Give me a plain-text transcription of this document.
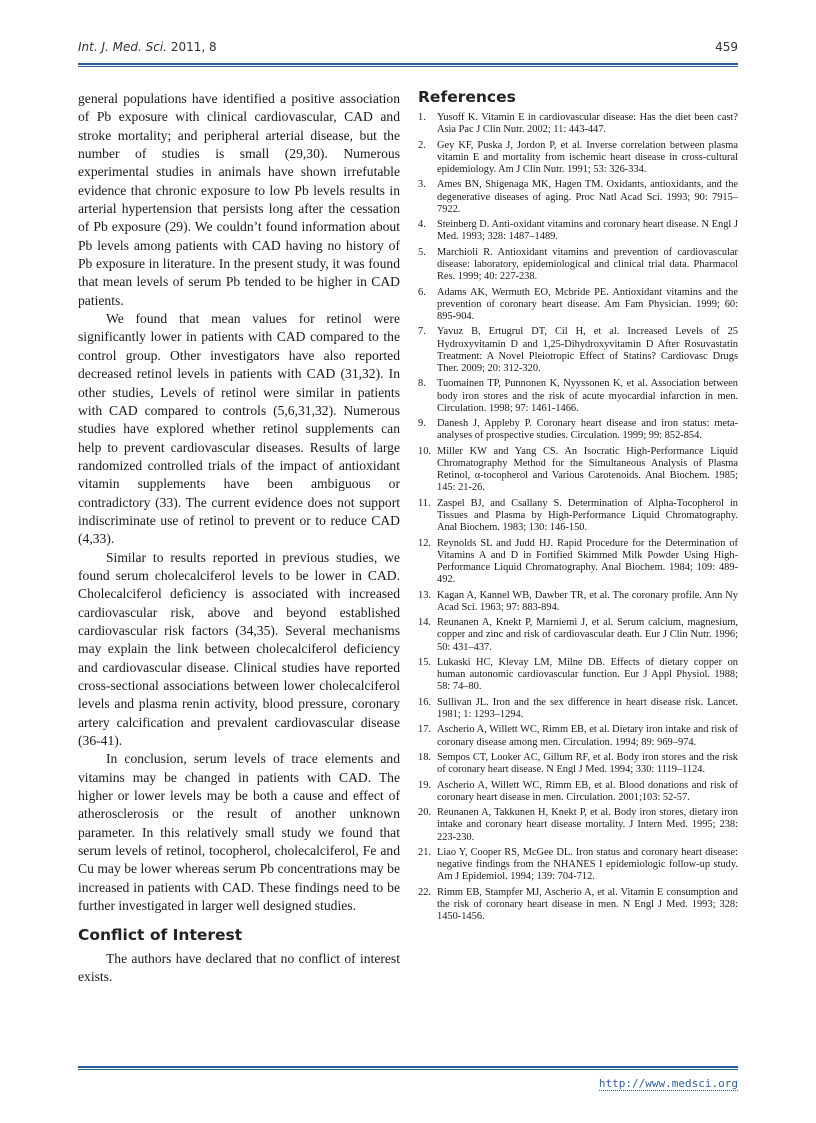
Int. J. Med. Sci. 2011, 8	459

general populations have identified a positive association of Pb exposure with clinical cardiovascular, CAD and stroke mortality; and peripheral arterial disease, but the number of studies is small (29,30). Numerous experimental studies in animals have shown irrefutable evidence that chronic exposure to low Pb levels results in arterial hypertension that persists long after the cessation of Pb exposure (29). We couldn’t found information about Pb levels among patients with CAD having no history of Pb exposure in literature. In the present study, it was found that mean levels of serum Pb tended to be higher in CAD patients.

We found that mean values for retinol were significantly lower in patients with CAD compared to the control group. Other investigators have also reported decreased retinol levels in patients with CAD (31,32). In other studies, Levels of retinol were similar in patients with CAD compared to controls (5,6,31,32). Numerous studies have explored whether retinol supplements can help to prevent cardiovascular diseases. Results of large randomized controlled trials of the impact of antioxidant vitamin supplements have been ambiguous or contradictory (33). The current evidence does not support indiscriminate use of retinol to prevent or to reduce CAD (4,33).

Similar to results reported in previous studies, we found serum cholecalciferol levels to be lower in CAD. Cholecalciferol deficiency is associated with increased cardiovascular risk, above and beyond established cardiovascular risk factors (34,35). Several mechanisms may explain the link between cholecalciferol deficiency and cardiovascular disease. Clinical studies have reported cross-sectional associations between lower cholecalciferol levels and plasma renin activity, blood pressure, coronary artery calcification and prevalent cardiovascular disease (36-41).

In conclusion, serum levels of trace elements and vitamins may be changed in patients with CAD. The higher or lower levels may be both a cause and effect of atherosclerosis or the result of another unknown parameter. In this relatively small study we found that serum levels of retinol, tocopherol, cholecalciferol, Fe and Cu may be lower whereas serum Pb concentrations may be increased in patients with CAD. These findings need to be further investigated in larger well designed studies.

Conflict of Interest

The authors have declared that no conflict of interest exists.

References
1. Yusoff K. Vitamin E in cardiovascular disease: Has the diet been cast? Asia Pac J Clin Nutr. 2002; 11: 443-447.
2. Gey KF, Puska J, Jordon P, et al. Inverse correlation between plasma vitamin E and mortality from ischemic heart disease in cross-cultural epidemiology. Am J Clin Nutr. 1991; 53: 326-334.
3. Ames BN, Shigenaga MK, Hagen TM. Oxidants, antioxidants, and the degenerative diseases of aging. Proc Natl Acad Sci. 1993; 90: 7915–7922.
4. Steinberg D. Anti-oxidant vitamins and coronary heart disease. N Engl J Med. 1993; 328: 1487–1489.
5. Marchioli R. Antioxidant vitamins and prevention of cardiovascular disease: laboratory, epidemiological and clinical trial data. Pharmacol Res. 1999; 40: 227-238.
6. Adams AK, Wermuth EO, Mcbride PE. Antioxidant vitamins and the prevention of coronary heart disease. Am Fam Physician. 1999; 60: 895-904.
7. Yavuz B, Ertugrul DT, Cil H, et al. Increased Levels of 25 Hydroxyvitamin D and 1,25-Dihydroxyvitamin D After Rosuvastatin Treatment: A Novel Pleiotropic Effect of Statins? Cardiovasc Drugs Ther. 2009; 20: 312-320.
8. Tuomainen TP, Punnonen K, Nyyssonen K, et al. Association between body iron stores and the risk of acute myocardial infarction in men. Circulation. 1998; 97: 1461-1466.
9. Danesh J, Appleby P. Coronary heart disease and iron status: meta-analyses of prospective studies. Circulation. 1999; 99: 852-854.
10. Miller KW and Yang CS. An Isocratic High-Performance Liquid Chromatography Method for the Simultaneous Analysis of Plasma Retinol, α-tocopherol and Various Carotenoids. Anal Biochem. 1985; 145: 21-26.
11. Zaspel BJ, and Csallany S. Determination of Alpha-Tocopherol in Tissues and Plasma by High-Performance Liquid Chromatography. Anal Biochem. 1983; 130: 146-150.
12. Reynolds SL and Judd HJ. Rapid Procedure for the Determination of Vitamins A and D in Fortified Skimmed Milk Powder Using High-Performance Liquid Chromatography. Anal Biochem. 1984; 109: 489-492.
13. Kagan A, Kannel WB, Dawber TR, et al. The coronary profile. Ann Ny Acad Sci. 1963; 97: 883-894.
14. Reunanen A, Knekt P, Marniemi J, et al. Serum calcium, magnesium, copper and zinc and risk of cardiovascular death. Eur J Clin Nutr. 1996; 50: 431–437.
15. Lukaski HC, Klevay LM, Milne DB. Effects of dietary copper on human autonomic cardiovascular function. Eur J Appl Physiol. 1988; 58: 74–80.
16. Sullivan JL. Iron and the sex difference in heart disease risk. Lancet. 1981; 1: 1293–1294.
17. Ascherio A, Willett WC, Rimm EB, et al. Dietary iron intake and risk of coronary disease among men. Circulation. 1994; 89: 969–974.
18. Sempos CT, Looker AC, Gillum RF, et al. Body iron stores and the risk of coronary heart disease. N Engl J Med. 1994; 330: 1119–1124.
19. Ascherio A, Willett WC, Rimm EB, et al. Blood donations and risk of coronary heart disease in men. Circulation. 2001;103: 52-57.
20. Reunanen A, Takkunen H, Knekt P, et al. Body iron stores, dietary iron intake and coronary heart disease mortality. J Intern Med. 1995; 238: 223-230.
21. Liao Y, Cooper RS, McGee DL. Iron status and coronary heart disease: negative findings from the NHANES I epidemiologic follow-up study. Am J Epidemiol. 1994; 139: 704-712.
22. Rimm EB, Stampfer MJ, Ascherio A, et al. Vitamin E consumption and the risk of coronary heart disease in men. N Engl J Med. 1993; 328: 1450-1456.
http://www.medsci.org
